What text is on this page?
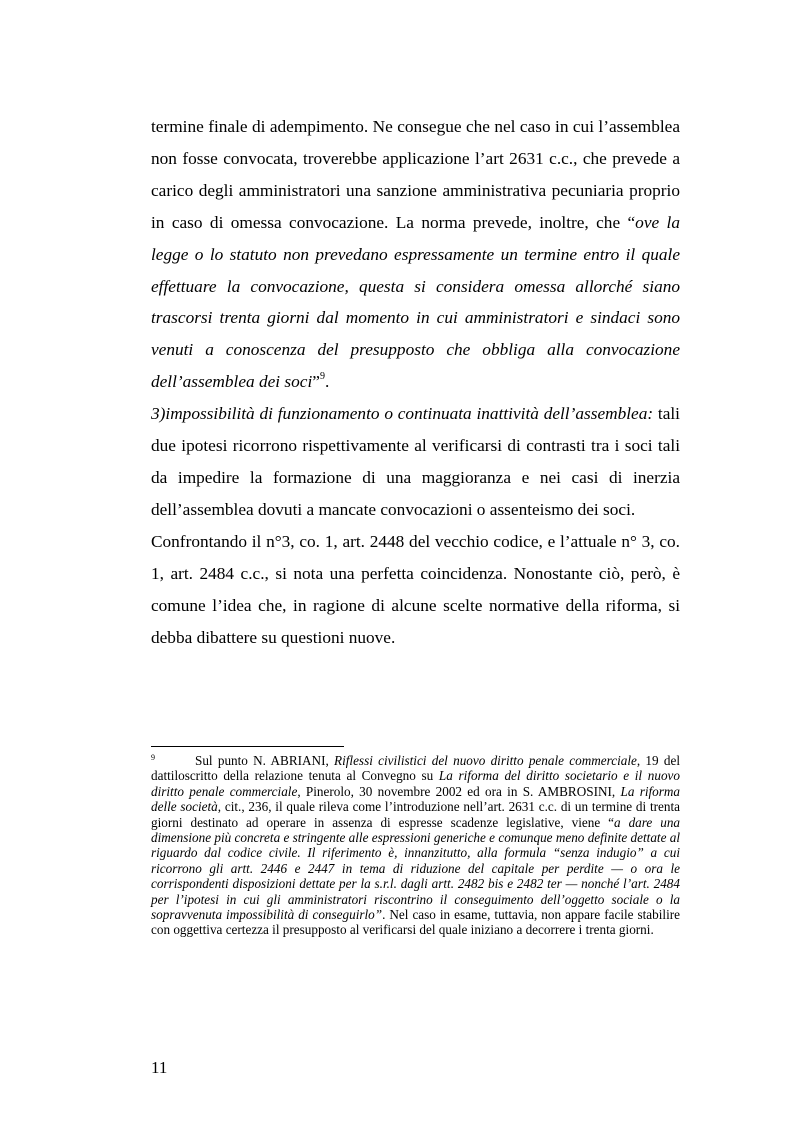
termine finale di adempimento. Ne consegue che nel caso in cui l’assemblea non fosse convocata, troverebbe applicazione l’art 2631 c.c., che prevede a carico degli amministratori una sanzione amministrativa pecuniaria proprio in caso di omessa convocazione. La norma prevede, inoltre, che “ove la legge o lo statuto non prevedano espressamente un termine entro il quale effettuare la convocazione, questa si considera omessa allorché siano trascorsi trenta giorni dal momento in cui amministratori e sindaci sono venuti a conoscenza del presupposto che obbliga alla convocazione dell’assemblea dei soci”$^9$.

3)impossibilità di funzionamento o continuata inattività dell’assemblea: tali due ipotesi ricorrono rispettivamente al verificarsi di contrasti tra i soci tali da impedire la formazione di una maggioranza e nei casi di inerzia dell’assemblea dovuti a mancate convocazioni o assenteismo dei soci.

Confrontando il n°3, co. 1, art. 2448 del vecchio codice, e l’attuale n° 3, co. 1, art. 2484 c.c., si nota una perfetta coincidenza. Nonostante ciò, però, è comune l’idea che, in ragione di alcune scelte normative della riforma, si debba dibattere su questioni nuove.

$^9$	Sul punto N. ABRIANI, Riflessi civilistici del nuovo diritto penale commerciale, 19 del dattiloscritto della relazione tenuta al Convegno su La riforma del diritto societario e il nuovo diritto penale commerciale, Pinerolo, 30 novembre 2002 ed ora in S. AMBROSINI, La riforma delle società, cit., 236, il quale rileva come l’introduzione nell’art. 2631 c.c. di un termine di trenta giorni destinato ad operare in assenza di espresse scadenze legislative, viene “a dare una dimensione più concreta e stringente alle espressioni generiche e comunque meno definite dettate al riguardo dal codice civile. Il riferimento è, innanzitutto, alla formula “senza indugio” a cui ricorrono gli artt. 2446 e 2447 in tema di riduzione del capitale per perdite — o ora le corrispondenti disposizioni dettate per la s.r.l. dagli artt. 2482 bis e 2482 ter — nonché l’art. 2484 per l’ipotesi in cui gli amministratori riscontrino il conseguimento dell’oggetto sociale o la sopravvenuta impossibilità di conseguirlo”. Nel caso in esame, tuttavia, non appare facile stabilire con oggettiva certezza il presupposto al verificarsi del quale iniziano a decorrere i trenta giorni.
11
